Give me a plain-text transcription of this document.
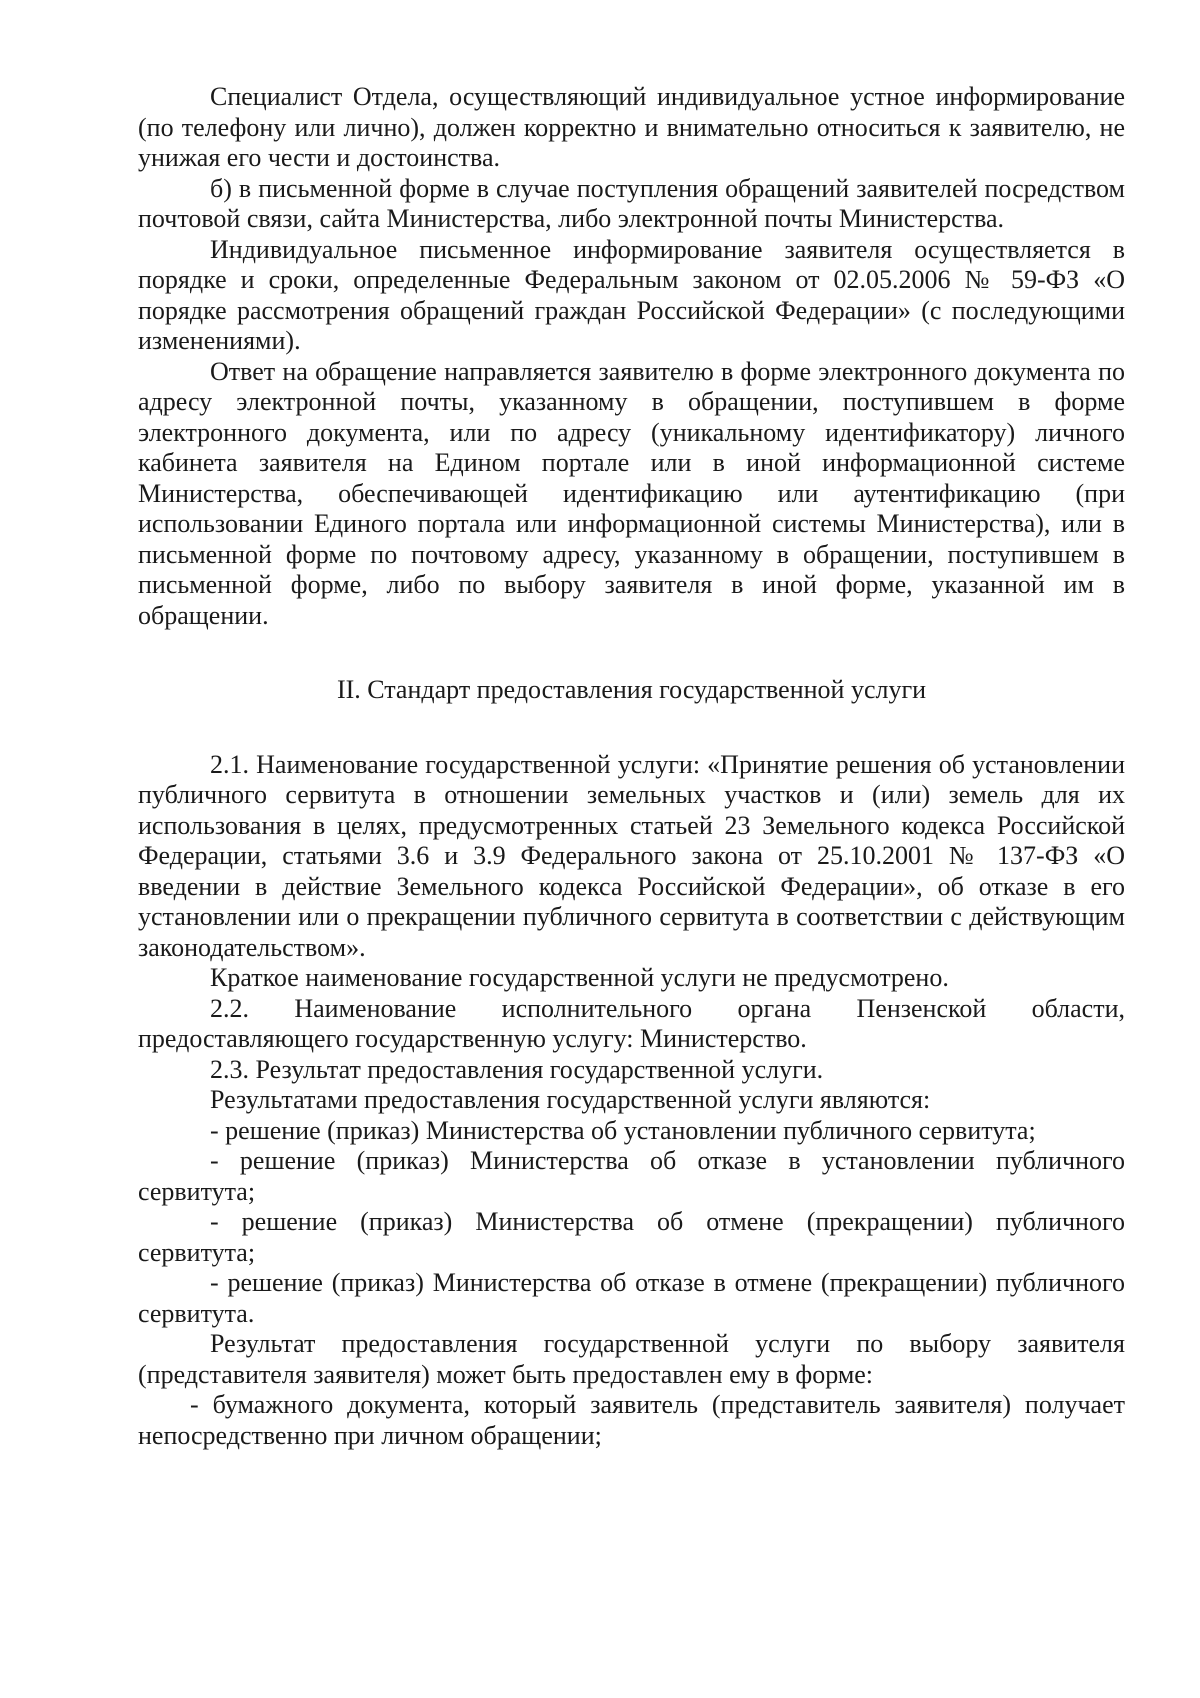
Специалист Отдела, осуществляющий индивидуальное устное информирование (по телефону или лично), должен корректно и внимательно относиться к заявителю, не унижая его чести и достоинства.

б) в письменной форме в случае поступления обращений заявителей посредством почтовой связи, сайта Министерства, либо электронной почты Министерства.

Индивидуальное письменное информирование заявителя осуществляется в порядке и сроки, определенные Федеральным законом от 02.05.2006 № 59-ФЗ «О порядке рассмотрения обращений граждан Российской Федерации» (с последующими изменениями).

Ответ на обращение направляется заявителю в форме электронного документа по адресу электронной почты, указанному в обращении, поступившем в форме электронного документа, или по адресу (уникальному идентификатору) личного кабинета заявителя на Едином портале или в иной информационной системе Министерства, обеспечивающей идентификацию или аутентификацию (при использовании Единого портала или информационной системы Министерства), или в письменной форме по почтовому адресу, указанному в обращении, поступившем в письменной форме, либо по выбору заявителя в иной форме, указанной им в обращении.

II. Стандарт предоставления государственной услуги

2.1. Наименование государственной услуги: «Принятие решения об установлении публичного сервитута в отношении земельных участков и (или) земель для их использования в целях, предусмотренных статьей 23 Земельного кодекса Российской Федерации, статьями 3.6 и 3.9 Федерального закона от 25.10.2001 № 137-ФЗ «О введении в действие Земельного кодекса Российской Федерации», об отказе в его установлении или о прекращении публичного сервитута в соответствии с действующим законодательством».

Краткое наименование государственной услуги не предусмотрено.

2.2. Наименование исполнительного органа Пензенской области, предоставляющего государственную услугу: Министерство.

2.3. Результат предоставления государственной услуги.

Результатами предоставления государственной услуги являются:

- решение (приказ) Министерства об установлении публичного сервитута;

- решение (приказ) Министерства об отказе в установлении публичного сервитута;

- решение (приказ) Министерства об отмене (прекращении) публичного сервитута;

- решение (приказ) Министерства об отказе в отмене (прекращении) публичного сервитута.

Результат предоставления государственной услуги по выбору заявителя (представителя заявителя) может быть предоставлен ему в форме:

- бумажного документа, который заявитель (представитель заявителя) получает непосредственно при личном обращении;
